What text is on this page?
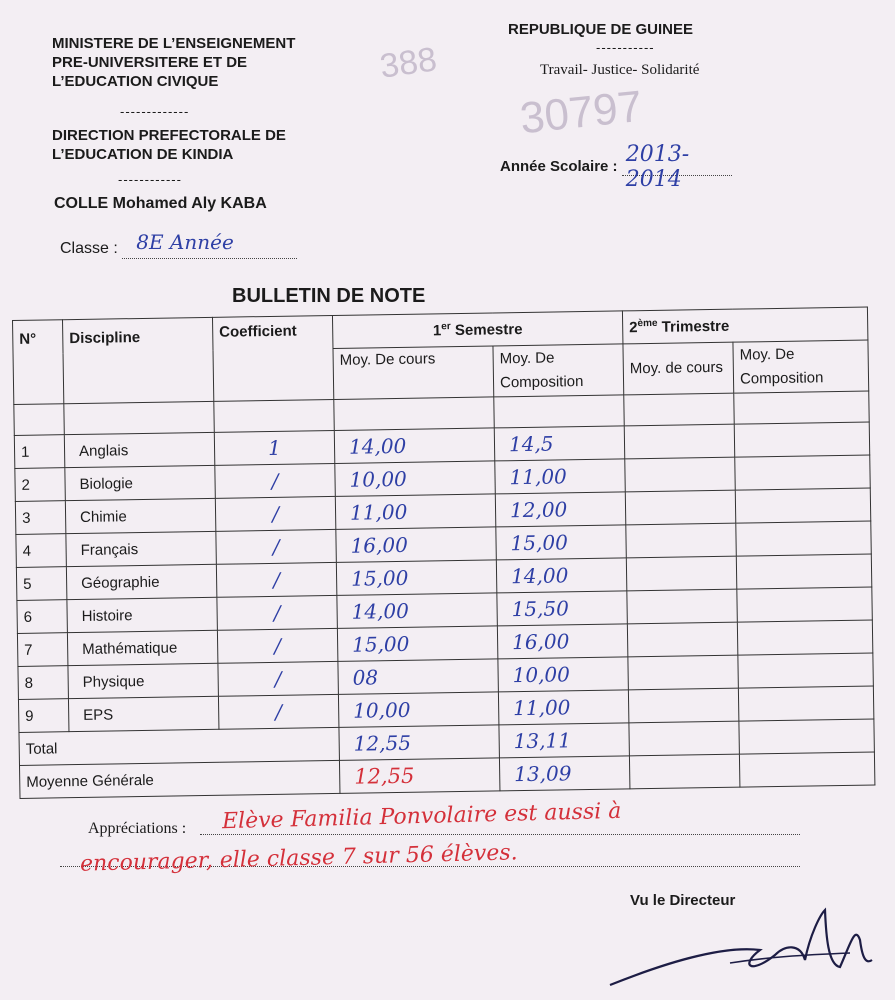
MINISTERE DE L’ENSEIGNEMENT
PRE-UNIVERSITERE ET DE
L’EDUCATION CIVIQUE
-------------
DIRECTION PREFECTORALE DE
L’EDUCATION DE KINDIA
------------
COLLE Mohamed Aly KABA
Classe : 8E Année

REPUBLIQUE DE GUINEE
-----------
Travail- Justice- Solidarité
Année Scolaire : 2013-2014

388
30797
BULLETIN DE NOTE
N°	Discipline	Coefficient	1er Semestre		2ème Trimestre	
			Moy. De cours	Moy. De Composition	Moy. de cours	Moy. De Composition

1	Anglais	1	14,00	14,5		
2	Biologie	/	10,00	11,00		
3	Chimie	/	11,00	12,00		
4	Français	/	16,00	15,00		
5	Géographie	/	15,00	14,00		
6	Histoire	/	14,00	15,50		
7	Mathématique	/	15,00	16,00		
8	Physique	/	08	10,00		
9	EPS	/	10,00	11,00		
Total			12,55	13,11		
Moyenne Générale			12,55	13,09		
Appréciations : Elève Familia Ponvolaire est aussi à
encourager, elle classe 7 sur 56 élèves.
Vu le Directeur
